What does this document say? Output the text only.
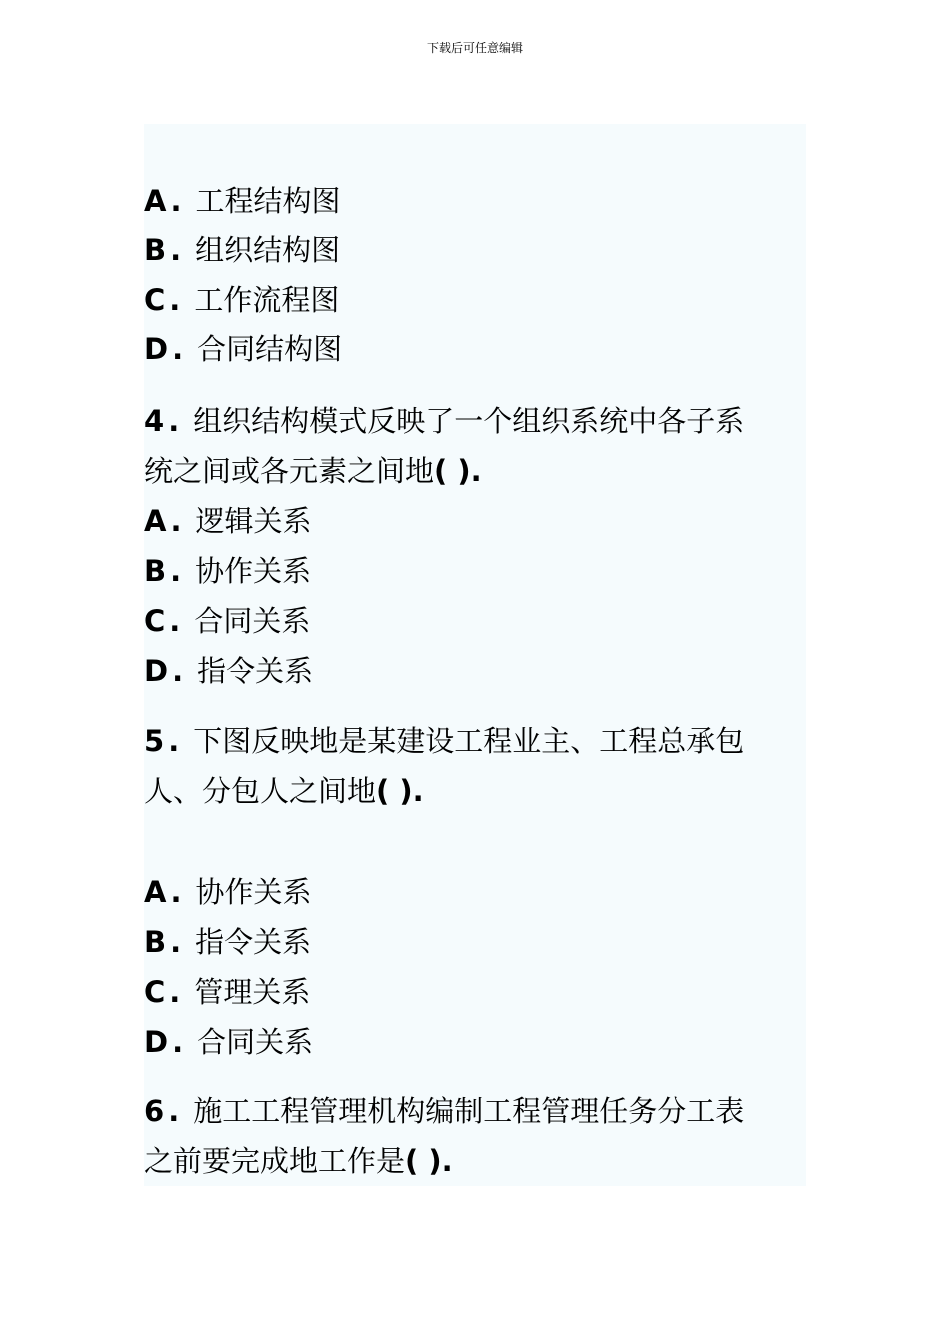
下载后可任意编辑
A . 工程结构图
B . 组织结构图
C . 工作流程图
D . 合同结构图
4 . 组织结构模式反映了一个组织系统中各子系
统之间或各元素之间地( ).
A . 逻辑关系
B . 协作关系
C . 合同关系
D . 指令关系
5 . 下图反映地是某建设工程业主、工程总承包
人、分包人之间地( ).
A . 协作关系
B . 指令关系
C . 管理关系
D . 合同关系
6 . 施工工程管理机构编制工程管理任务分工表
之前要完成地工作是( ).
